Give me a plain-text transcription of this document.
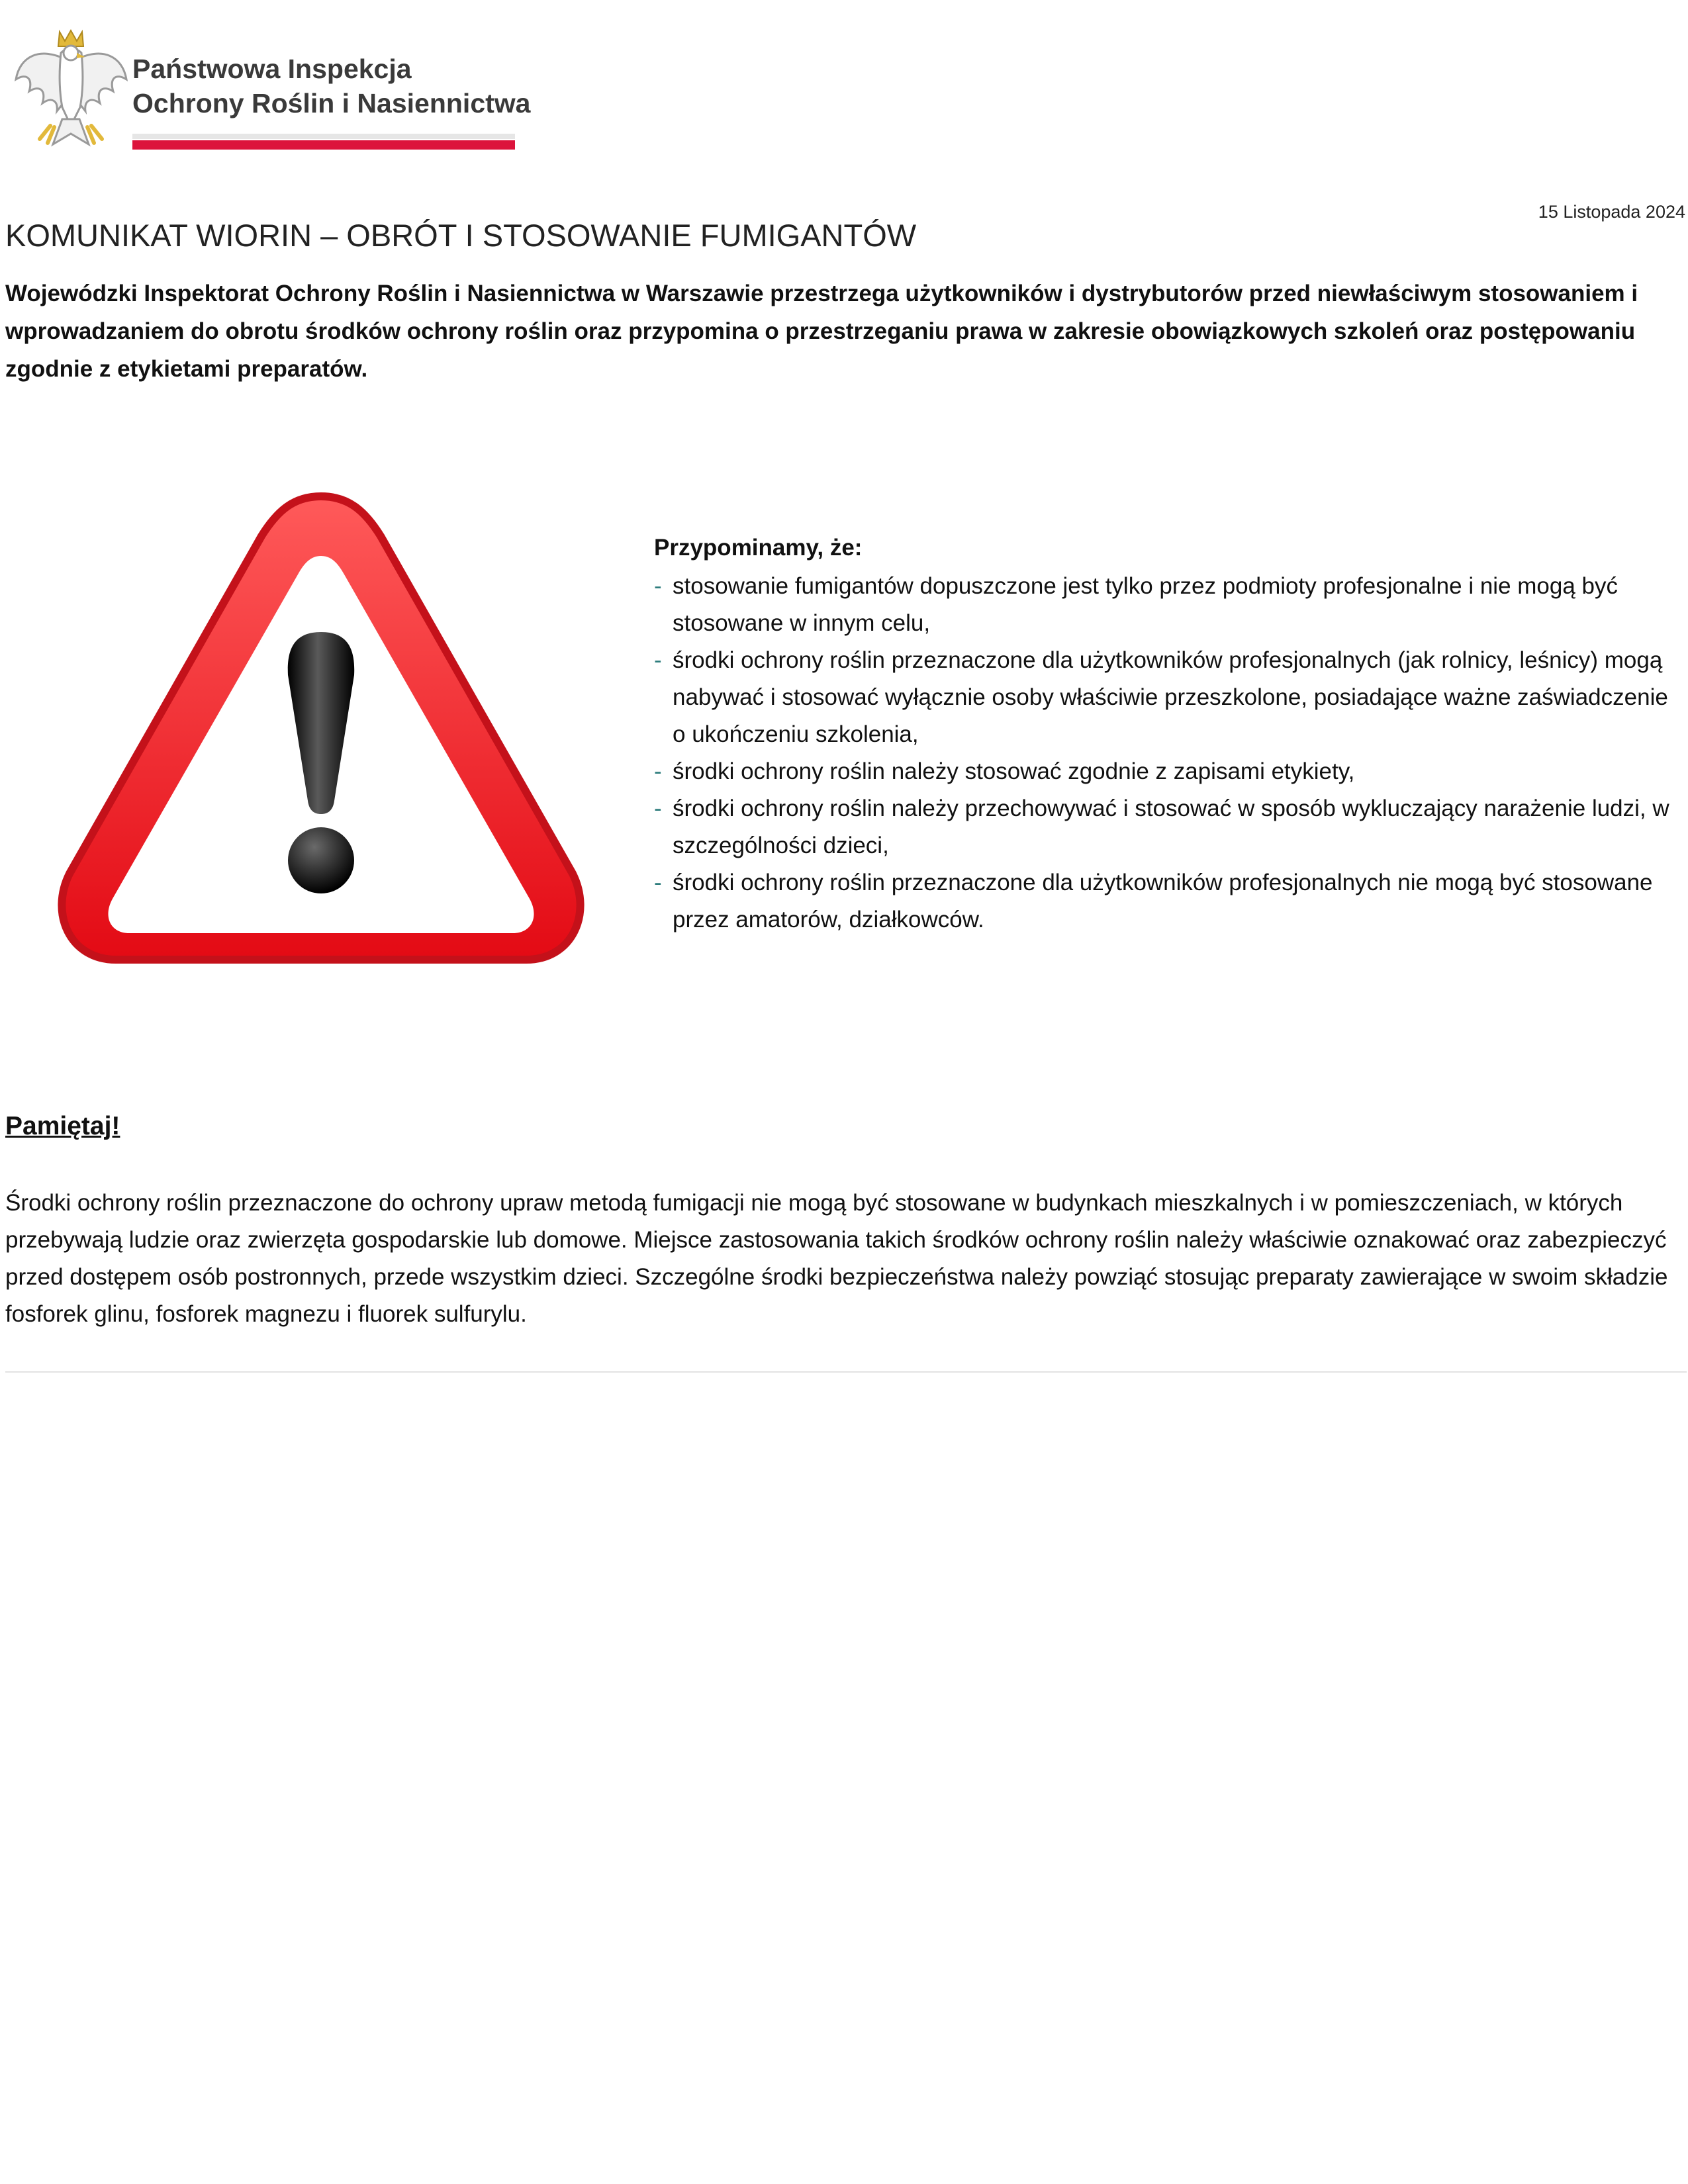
Państwowa Inspekcja
Ochrony Roślin i Nasiennictwa
15 Listopada 2024
KOMUNIKAT WIORIN – OBRÓT I STOSOWANIE FUMIGANTÓW

Wojewódzki Inspektorat Ochrony Roślin i Nasiennictwa w Warszawie przestrzega użytkowników i dystrybutorów przed niewłaściwym stosowaniem i wprowadzaniem do obrotu środków ochrony roślin oraz przypomina o przestrzeganiu prawa w zakresie obowiązkowych szkoleń oraz postępowaniu zgodnie z etykietami preparatów.

Przypominamy, że:

- stosowanie fumigantów dopuszczone jest tylko przez podmioty profesjonalne i nie mogą być stosowane w innym celu,
- środki ochrony roślin przeznaczone dla użytkowników profesjonalnych (jak rolnicy, leśnicy) mogą nabywać i stosować wyłącznie osoby właściwie przeszkolone, posiadające ważne zaświadczenie o ukończeniu szkolenia,
- środki ochrony roślin należy stosować zgodnie z zapisami etykiety,
- środki ochrony roślin należy przechowywać i stosować w sposób wykluczający narażenie ludzi, w szczególności dzieci,
- środki ochrony roślin przeznaczone dla użytkowników profesjonalnych nie mogą być stosowane przez amatorów, działkowców.
Pamiętaj!

Środki ochrony roślin przeznaczone do ochrony upraw metodą fumigacji nie mogą być stosowane w budynkach mieszkalnych i w pomieszczeniach, w których przebywają ludzie oraz zwierzęta gospodarskie lub domowe. Miejsce zastosowania takich środków ochrony roślin należy właściwie oznakować oraz zabezpieczyć przed dostępem osób postronnych, przede wszystkim dzieci. Szczególne środki bezpieczeństwa należy powziąć stosując preparaty zawierające w swoim składzie fosforek glinu, fosforek magnezu i fluorek sulfurylu.
